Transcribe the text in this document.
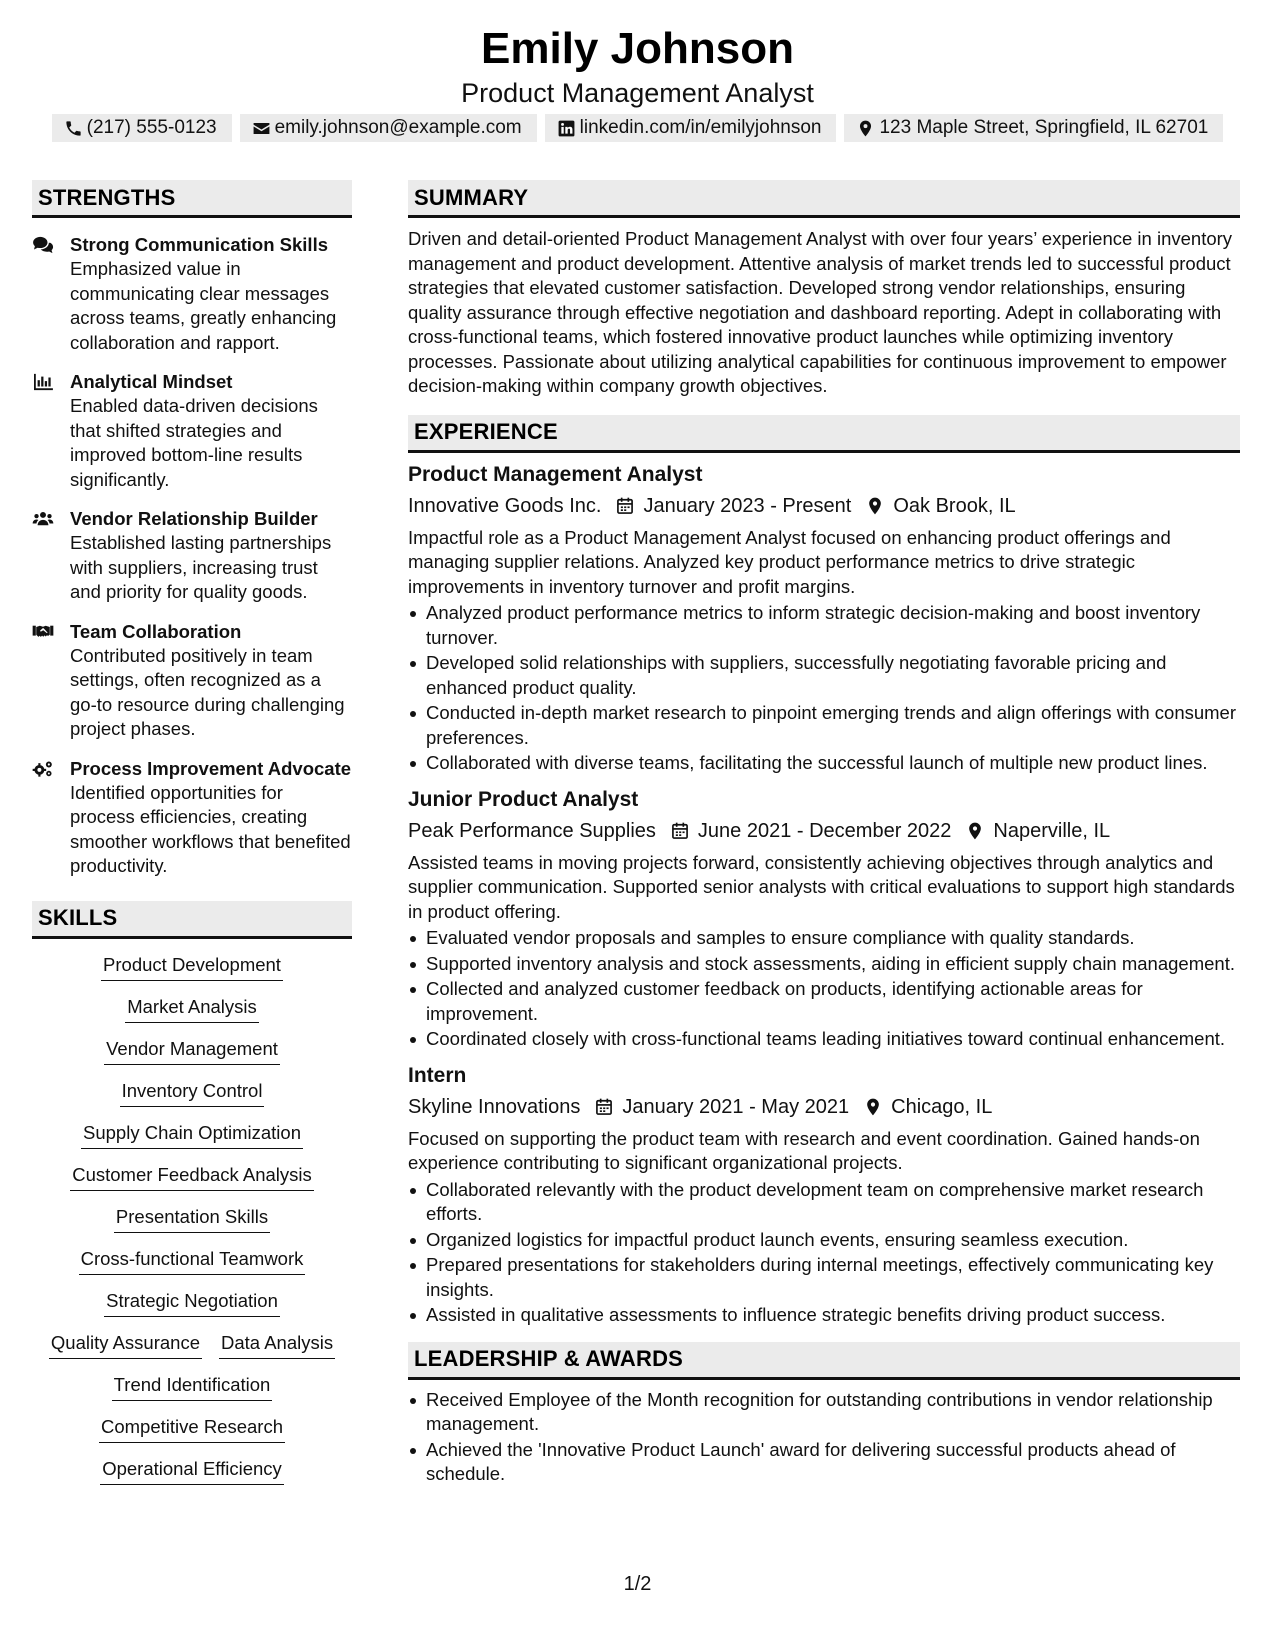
Emily Johnson
Product Management Analyst
(217) 555-0123	emily.johnson@example.com	linkedin.com/in/emilyjohnson	123 Maple Street, Springfield, IL 62701
STRENGTHS
Strong Communication Skills
Emphasized value in communicating clear messages across teams, greatly enhancing collaboration and rapport.
Analytical Mindset
Enabled data-driven decisions that shifted strategies and improved bottom-line results significantly.
Vendor Relationship Builder
Established lasting partnerships with suppliers, increasing trust and priority for quality goods.
Team Collaboration
Contributed positively in team settings, often recognized as a go-to resource during challenging project phases.
Process Improvement Advocate
Identified opportunities for process efficiencies, creating smoother workflows that benefited productivity.
SKILLS
Product Development
Market Analysis
Vendor Management
Inventory Control
Supply Chain Optimization
Customer Feedback Analysis
Presentation Skills
Cross-functional Teamwork
Strategic Negotiation
Quality Assurance Data Analysis
Trend Identification
Competitive Research
Operational Efficiency
SUMMARY
Driven and detail-oriented Product Management Analyst with over four years’ experience in inventory management and product development. Attentive analysis of market trends led to successful product strategies that elevated customer satisfaction. Developed strong vendor relationships, ensuring quality assurance through effective negotiation and dashboard reporting. Adept in collaborating with cross-functional teams, which fostered innovative product launches while optimizing inventory processes. Passionate about utilizing analytical capabilities for continuous improvement to empower decision-making within company growth objectives.
EXPERIENCE
Product Management Analyst
Innovative Goods Inc. January 2023 - Present Oak Brook, IL
Impactful role as a Product Management Analyst focused on enhancing product offerings and managing supplier relations. Analyzed key product performance metrics to drive strategic improvements in inventory turnover and profit margins.
Analyzed product performance metrics to inform strategic decision-making and boost inventory turnover.
Developed solid relationships with suppliers, successfully negotiating favorable pricing and enhanced product quality.
Conducted in-depth market research to pinpoint emerging trends and align offerings with consumer preferences.
Collaborated with diverse teams, facilitating the successful launch of multiple new product lines.
Junior Product Analyst
Peak Performance Supplies June 2021 - December 2022 Naperville, IL
Assisted teams in moving projects forward, consistently achieving objectives through analytics and supplier communication. Supported senior analysts with critical evaluations to support high standards in product offering.
Evaluated vendor proposals and samples to ensure compliance with quality standards.
Supported inventory analysis and stock assessments, aiding in efficient supply chain management.
Collected and analyzed customer feedback on products, identifying actionable areas for improvement.
Coordinated closely with cross-functional teams leading initiatives toward continual enhancement.
Intern
Skyline Innovations January 2021 - May 2021 Chicago, IL
Focused on supporting the product team with research and event coordination. Gained hands-on experience contributing to significant organizational projects.
Collaborated relevantly with the product development team on comprehensive market research efforts.
Organized logistics for impactful product launch events, ensuring seamless execution.
Prepared presentations for stakeholders during internal meetings, effectively communicating key insights.
Assisted in qualitative assessments to influence strategic benefits driving product success.
LEADERSHIP & AWARDS
Received Employee of the Month recognition for outstanding contributions in vendor relationship management.
Achieved the 'Innovative Product Launch' award for delivering successful products ahead of schedule.
1/2
